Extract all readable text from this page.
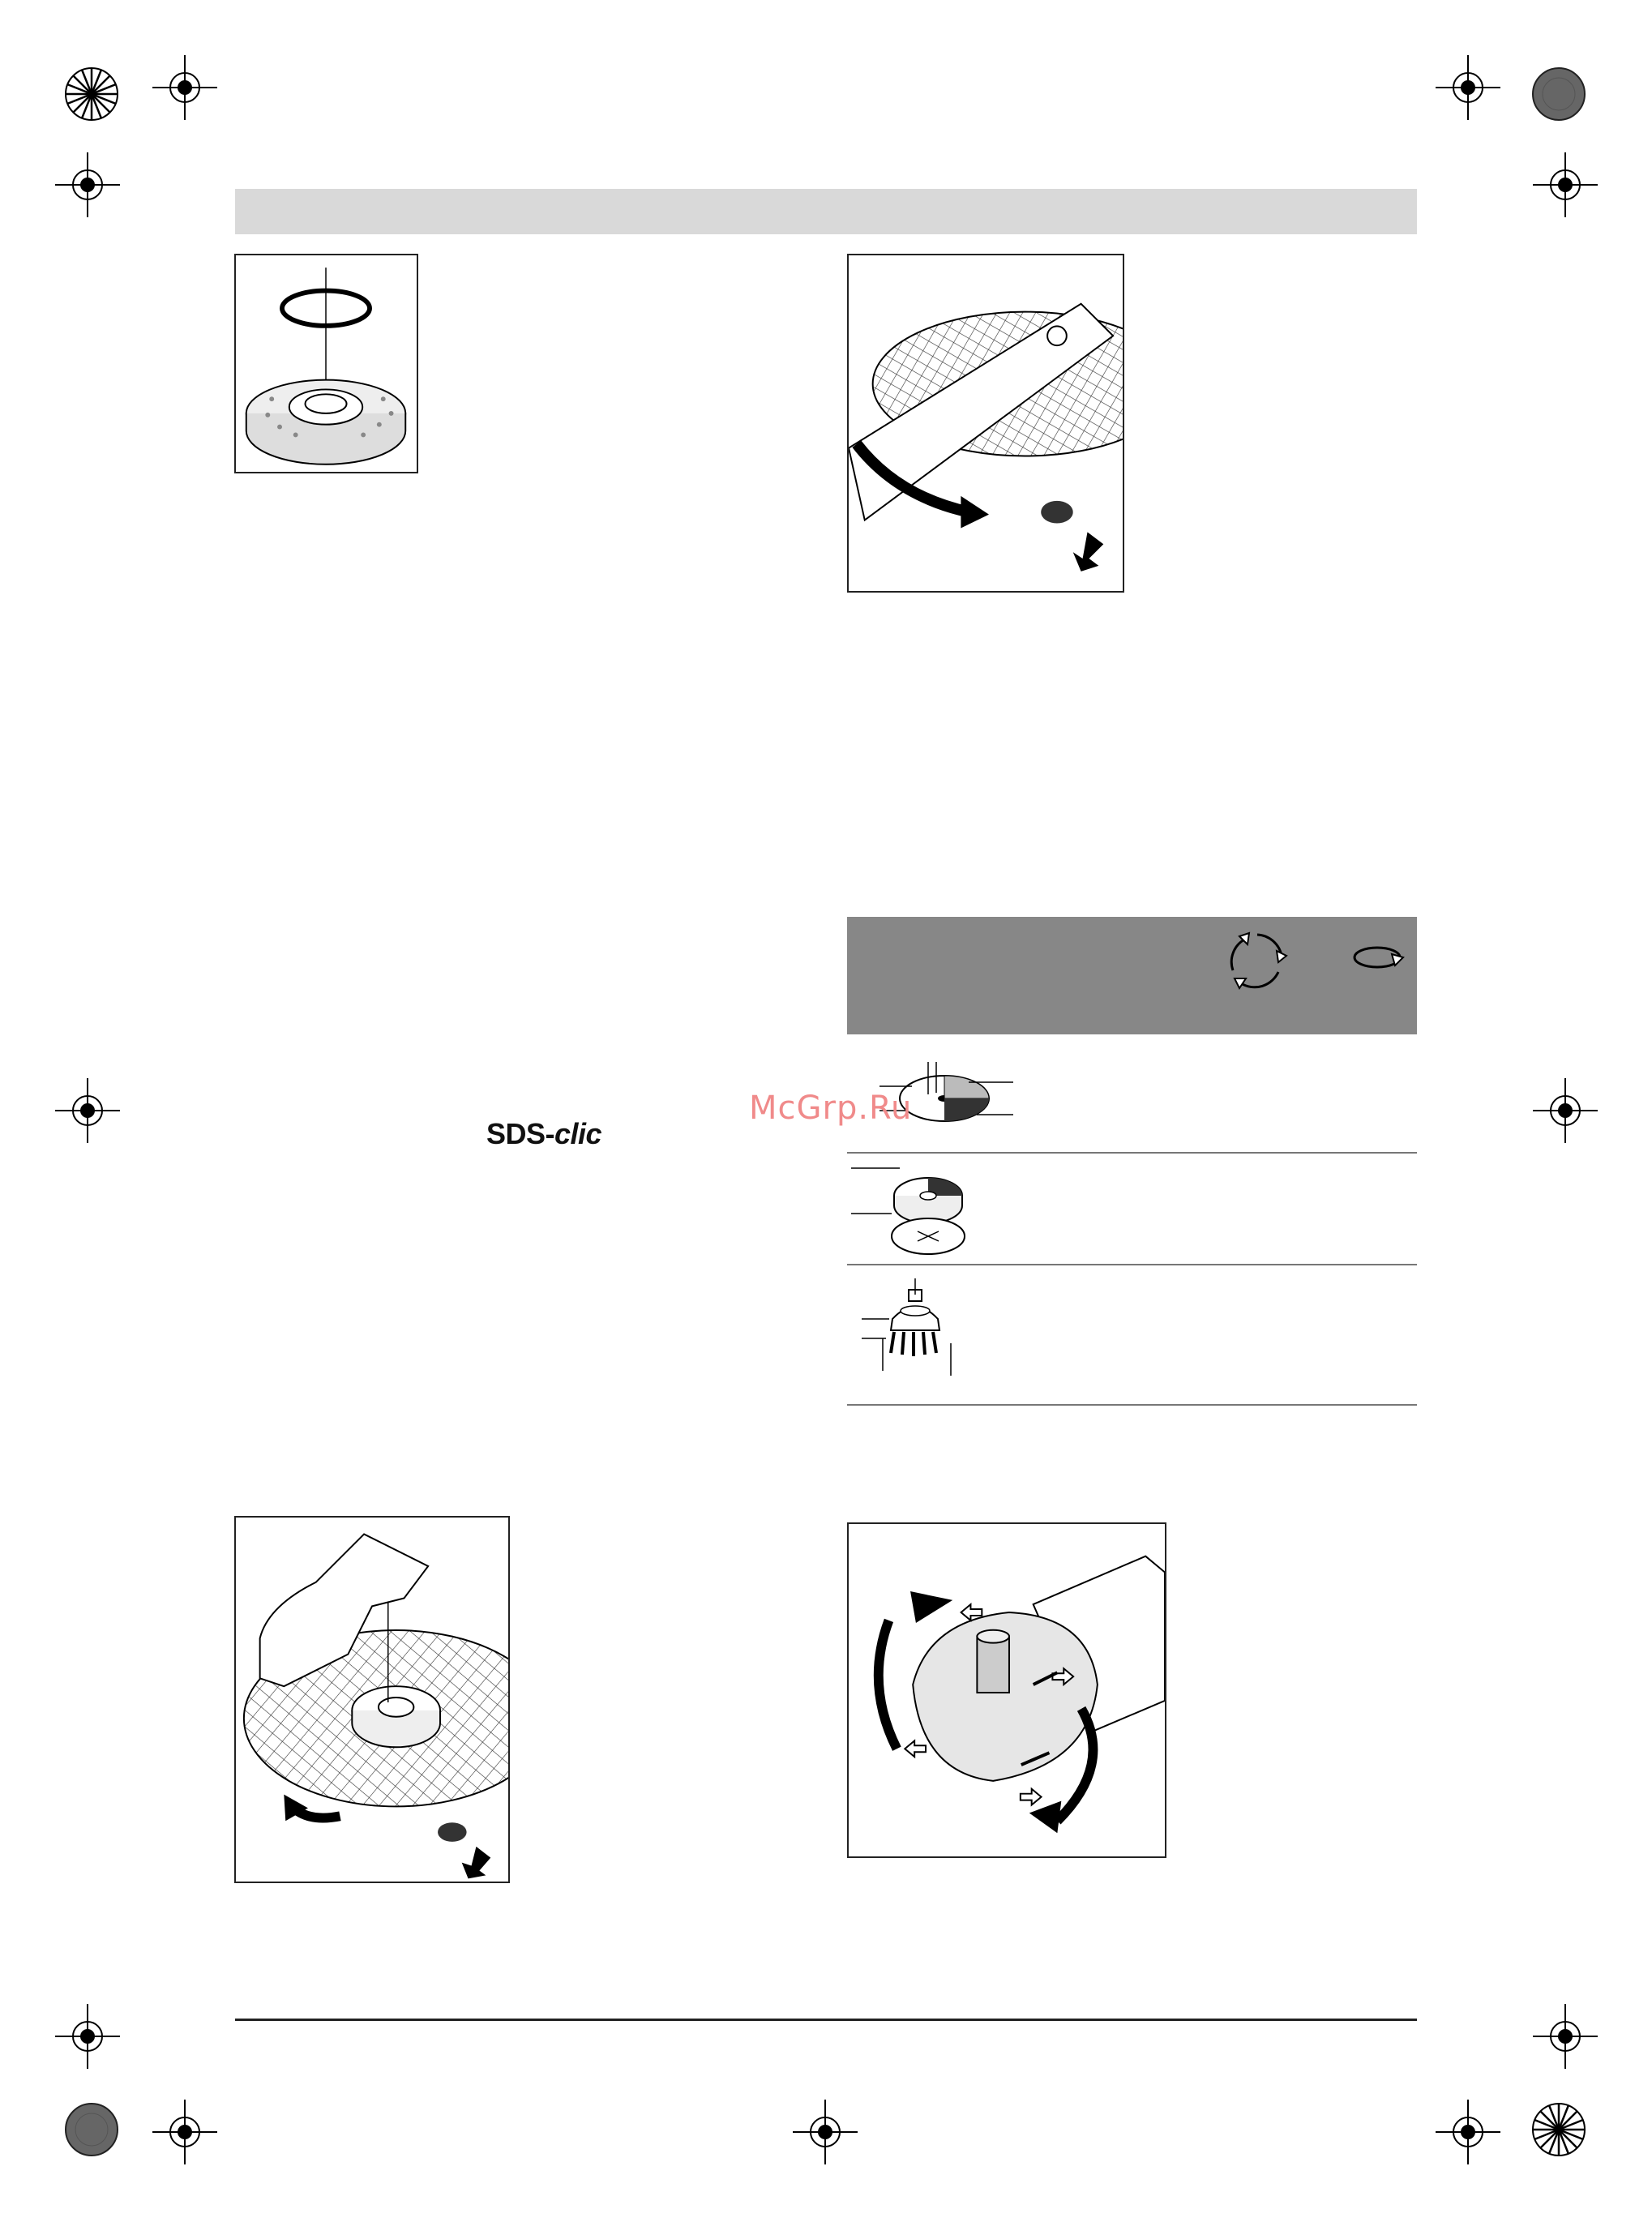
SDS-clic
McGrp.Ru
